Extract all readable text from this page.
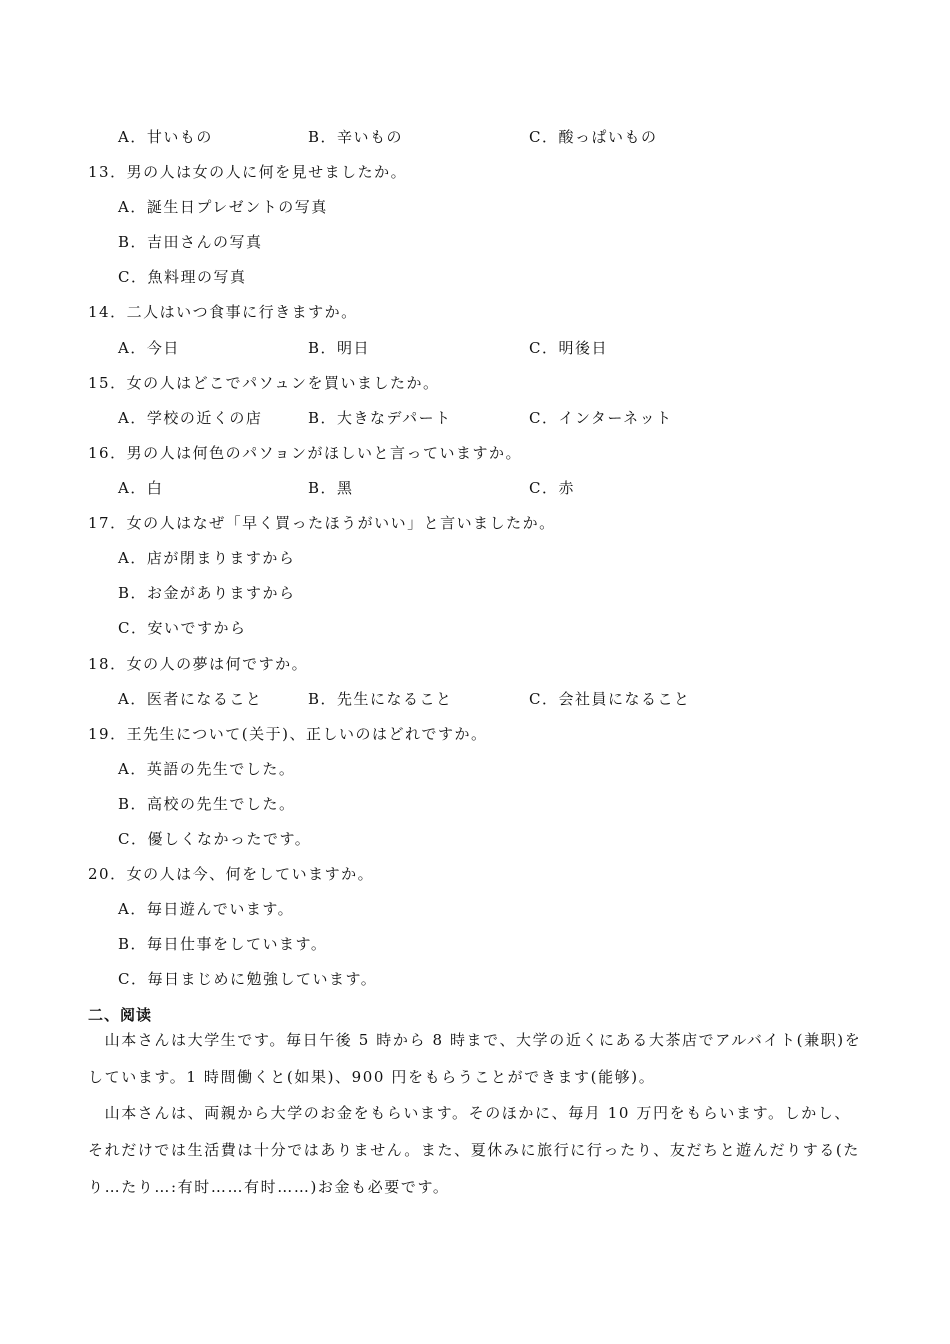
A．甘いもの	B．辛いもの	C．酸っぱいもの
13．男の人は女の人に何を見せましたか。
A．誕生日プレゼントの写真
B．吉田さんの写真
C．魚料理の写真
14．二人はいつ食事に行きますか。
A．今日	B．明日	C．明後日
15．女の人はどこでパソュンを買いましたか。
A．学校の近くの店	B．大きなデパート	C．インターネット
16．男の人は何色のパソョンがほしいと言っていますか。
A．白	B．黑	C．赤
17．女の人はなぜ「早く買ったほうがいい」と言いましたか。
A．店が閉まりますから
B．お金がありますから
C．安いですから
18．女の人の夢は何ですか。
A．医者になること	B．先生になること	C．会社員になること
19．王先生について(关于)、正しいのはどれですか。
A．英語の先生でした。
B．高校の先生でした。
C．優しくなかったです。
20．女の人は今、何をしていますか。
A．毎日遊んでいます。
B．毎日仕事をしています。
C．毎日まじめに勉強しています。
二、阅读
　山本さんは大学生です。毎日午後 5 時から 8 時まで、大学の近くにある大茶店でアルバイト(兼职)を
しています。1 時間働くと(如果)、900 円をもらうことができます(能够)。
　山本さんは、両親から大学のお金をもらいます。そのほかに、毎月 10 万円をもらいます。しかし、
それだけでは生活費は十分ではありません。また、夏休みに旅行に行ったり、友だちと遊んだりする(た
り…たり…:有时……有时……)お金も必要です。
